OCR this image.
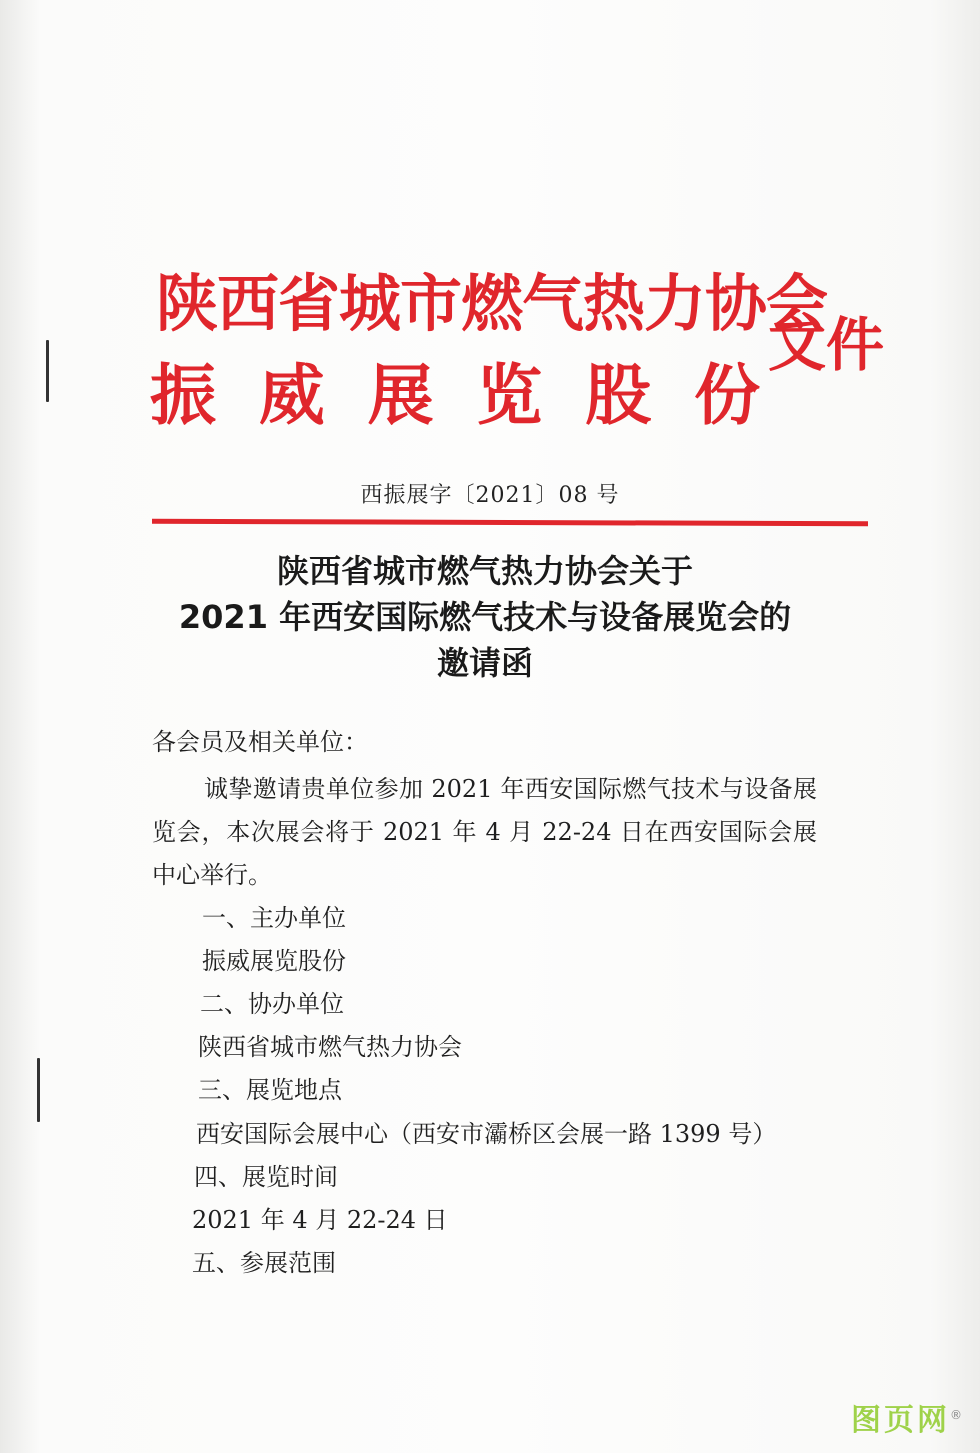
陕西省城市燃气热力协会
振 威 展 览 股 份
文件
西振展字〔2021〕08 号
陕西省城市燃气热力协会关于
2021 年西安国际燃气技术与设备展览会的
邀请函
各会员及相关单位：
诚挚邀请贵单位参加 2021 年西安国际燃气技术与设备展览会，本次展会将于 2021 年 4 月 22-24 日在西安国际会展中心举行。
一、主办单位
振威展览股份
二、协办单位
陕西省城市燃气热力协会
三、展览地点
西安国际会展中心（西安市灞桥区会展一路 1399 号）
四、展览时间
2021 年 4 月 22-24 日
五、参展范围
图页网®
